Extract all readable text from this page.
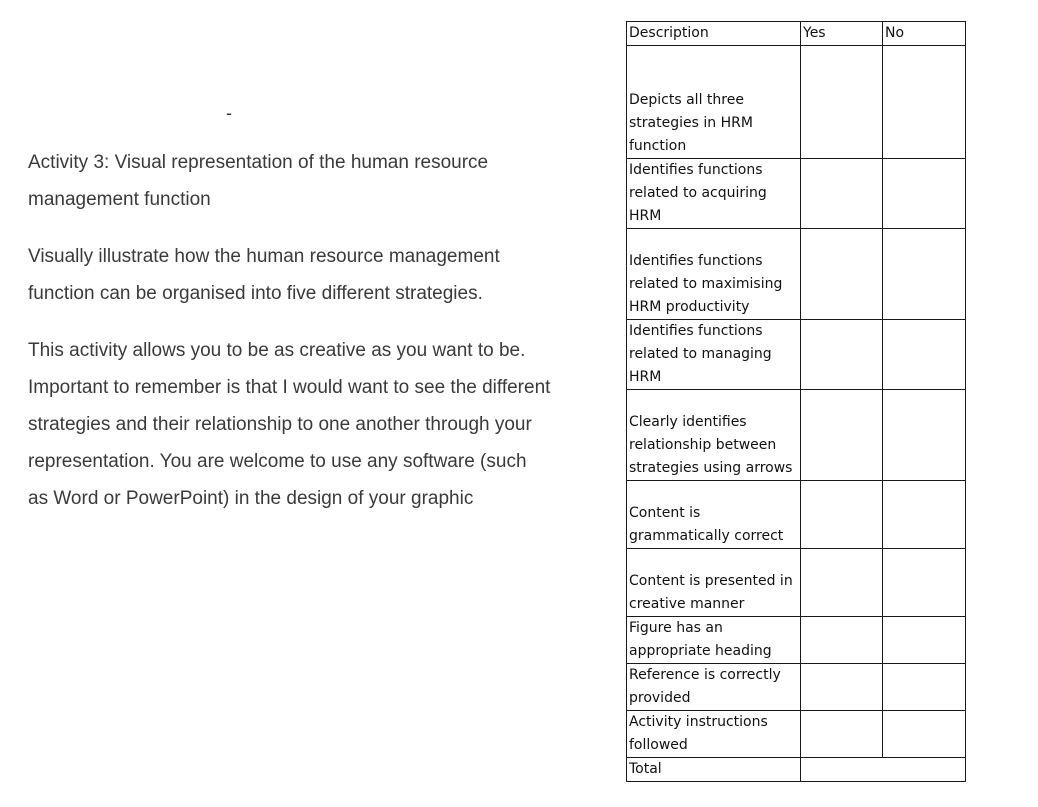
-

Activity 3: Visual representation of the human resource
management function

Visually illustrate how the human resource management
function can be organised into five different strategies.

This activity allows you to be as creative as you want to be.
Important to remember is that I would want to see the different
strategies and their relationship to one another through your
representation. You are welcome to use any software (such
as Word or PowerPoint) in the design of your graphic

Description	Yes	No

Depicts all three
strategies in HRM
function		

Identifies functions
related to acquiring
HRM		

Identifies functions
related to maximising
HRM productivity		

Identifies functions
related to managing
HRM		

Clearly identifies
relationship between
strategies using arrows		

Content is
grammatically correct		

Content is presented in
creative manner		

Figure has an
appropriate heading		

Reference is correctly
provided		

Activity instructions
followed		

Total		
